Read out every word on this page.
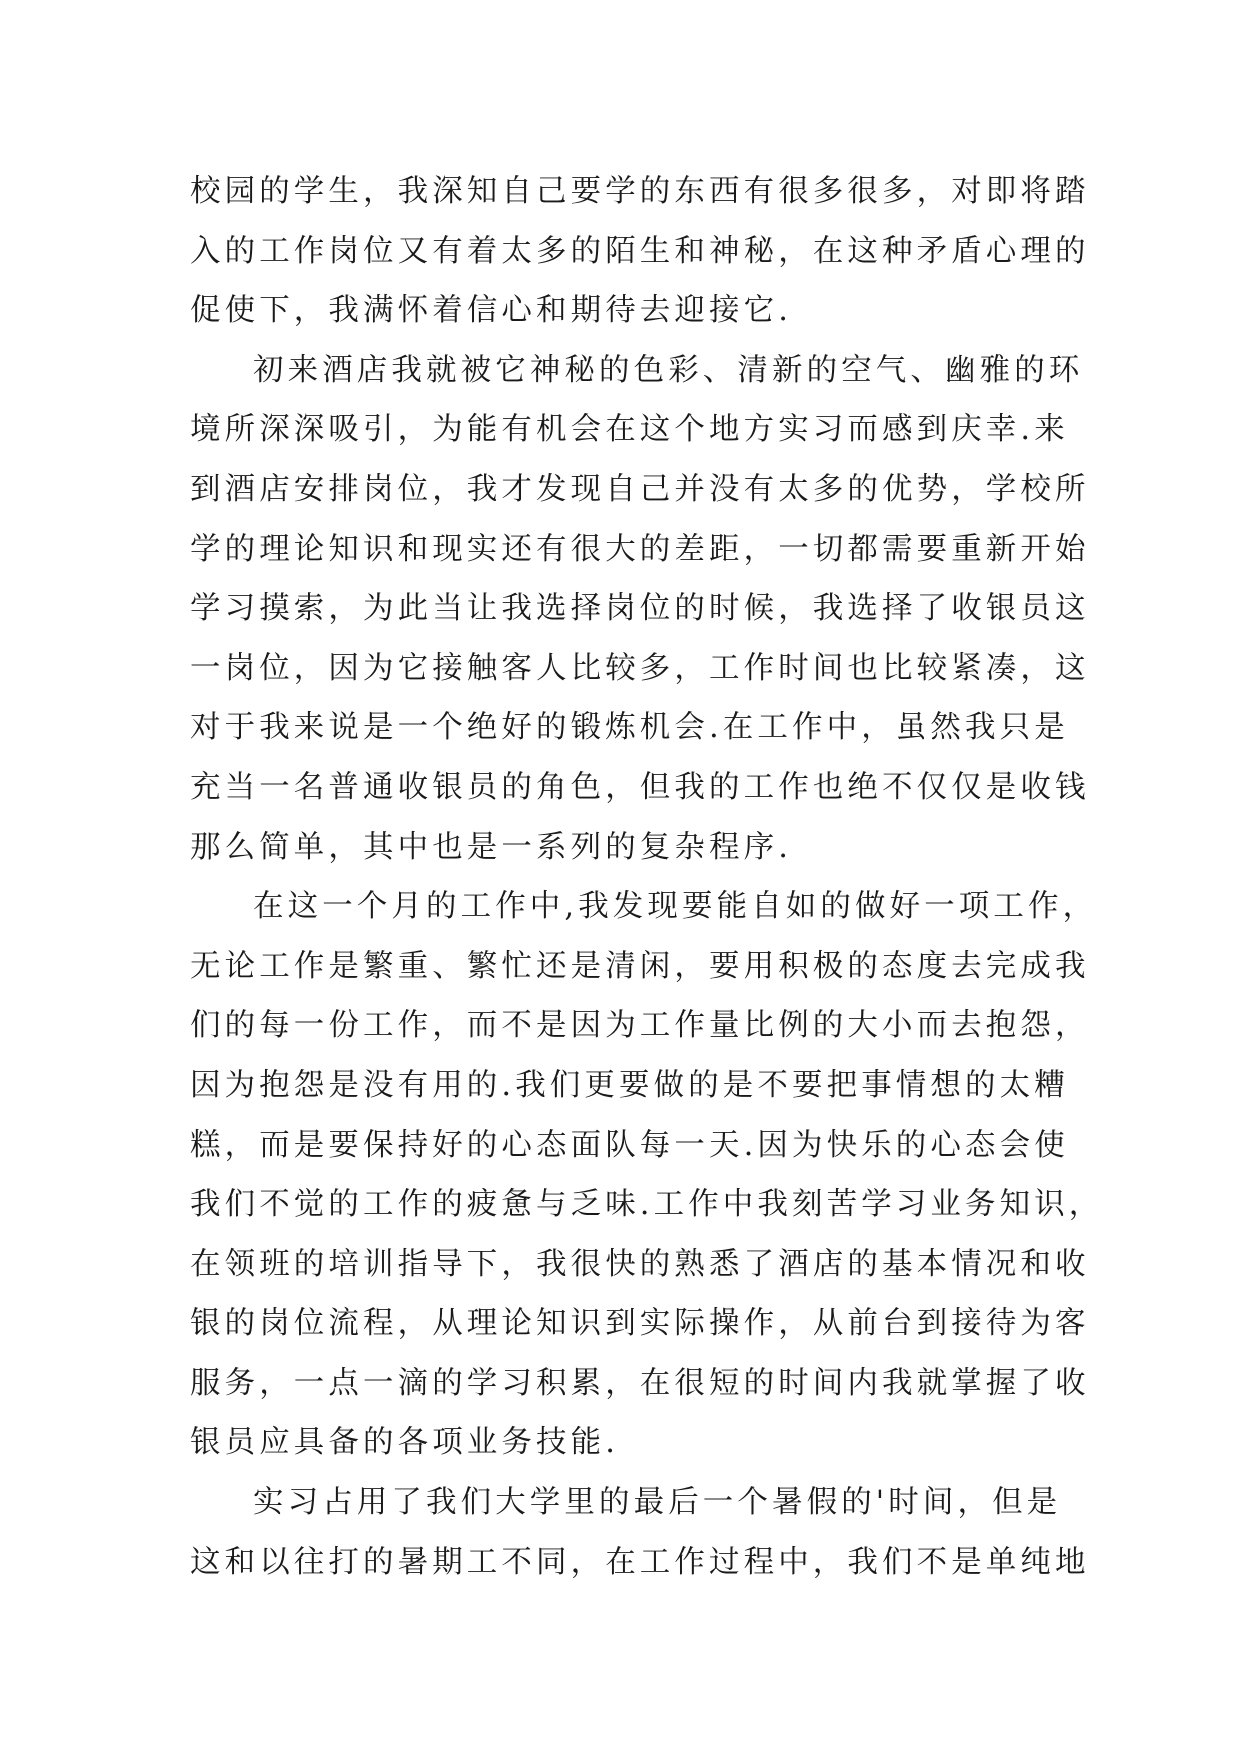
校园的学生，我深知自己要学的东西有很多很多，对即将踏
入的工作岗位又有着太多的陌生和神秘，在这种矛盾心理的
促使下，我满怀着信心和期待去迎接它.
初来酒店我就被它神秘的色彩、清新的空气、幽雅的环
境所深深吸引，为能有机会在这个地方实习而感到庆幸.来
到酒店安排岗位，我才发现自己并没有太多的优势，学校所
学的理论知识和现实还有很大的差距，一切都需要重新开始
学习摸索，为此当让我选择岗位的时候，我选择了收银员这
一岗位，因为它接触客人比较多，工作时间也比较紧凑，这
对于我来说是一个绝好的锻炼机会.在工作中，虽然我只是
充当一名普通收银员的角色，但我的工作也绝不仅仅是收钱
那么简单，其中也是一系列的复杂程序.
在这一个月的工作中,我发现要能自如的做好一项工作，
无论工作是繁重、繁忙还是清闲，要用积极的态度去完成我
们的每一份工作，而不是因为工作量比例的大小而去抱怨，
因为抱怨是没有用的.我们更要做的是不要把事情想的太糟
糕，而是要保持好的心态面队每一天.因为快乐的心态会使
我们不觉的工作的疲惫与乏味.工作中我刻苦学习业务知识，
在领班的培训指导下，我很快的熟悉了酒店的基本情况和收
银的岗位流程，从理论知识到实际操作，从前台到接待为客
服务，一点一滴的学习积累，在很短的时间内我就掌握了收
银员应具备的各项业务技能.
实习占用了我们大学里的最后一个暑假的'时间，但是
这和以往打的暑期工不同，在工作过程中，我们不是单纯地
